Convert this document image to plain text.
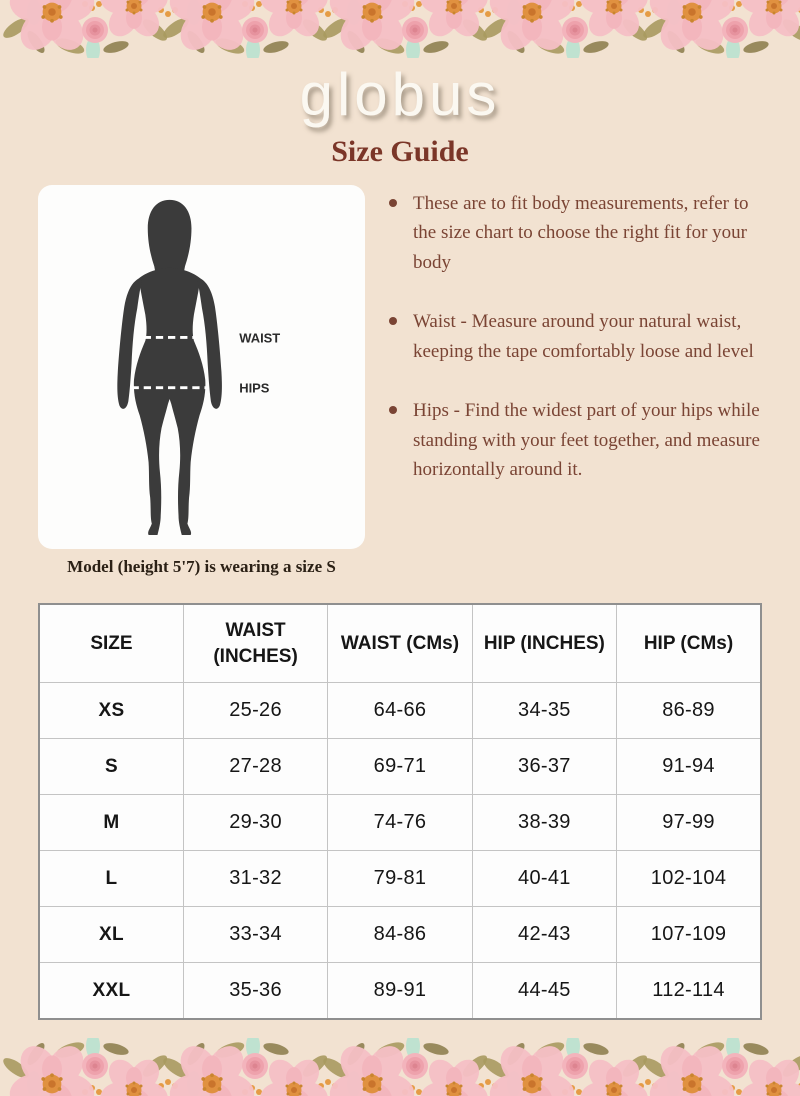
globus
Size Guide
WAIST
HIPS
Model (height 5'7) is wearing a size S
These are to fit body measurements, refer to the size chart to choose the right fit for your body
Waist - Measure around your natural waist, keeping the tape comfortably loose and level
Hips - Find the widest part of your hips while standing with your feet together, and measure horizontally around it.
SIZE	WAIST (INCHES)	WAIST (CMs)	HIP (INCHES)	HIP (CMs)
XS	25-26	64-66	34-35	86-89
S	27-28	69-71	36-37	91-94
M	29-30	74-76	38-39	97-99
L	31-32	79-81	40-41	102-104
XL	33-34	84-86	42-43	107-109
XXL	35-36	89-91	44-45	112-114
